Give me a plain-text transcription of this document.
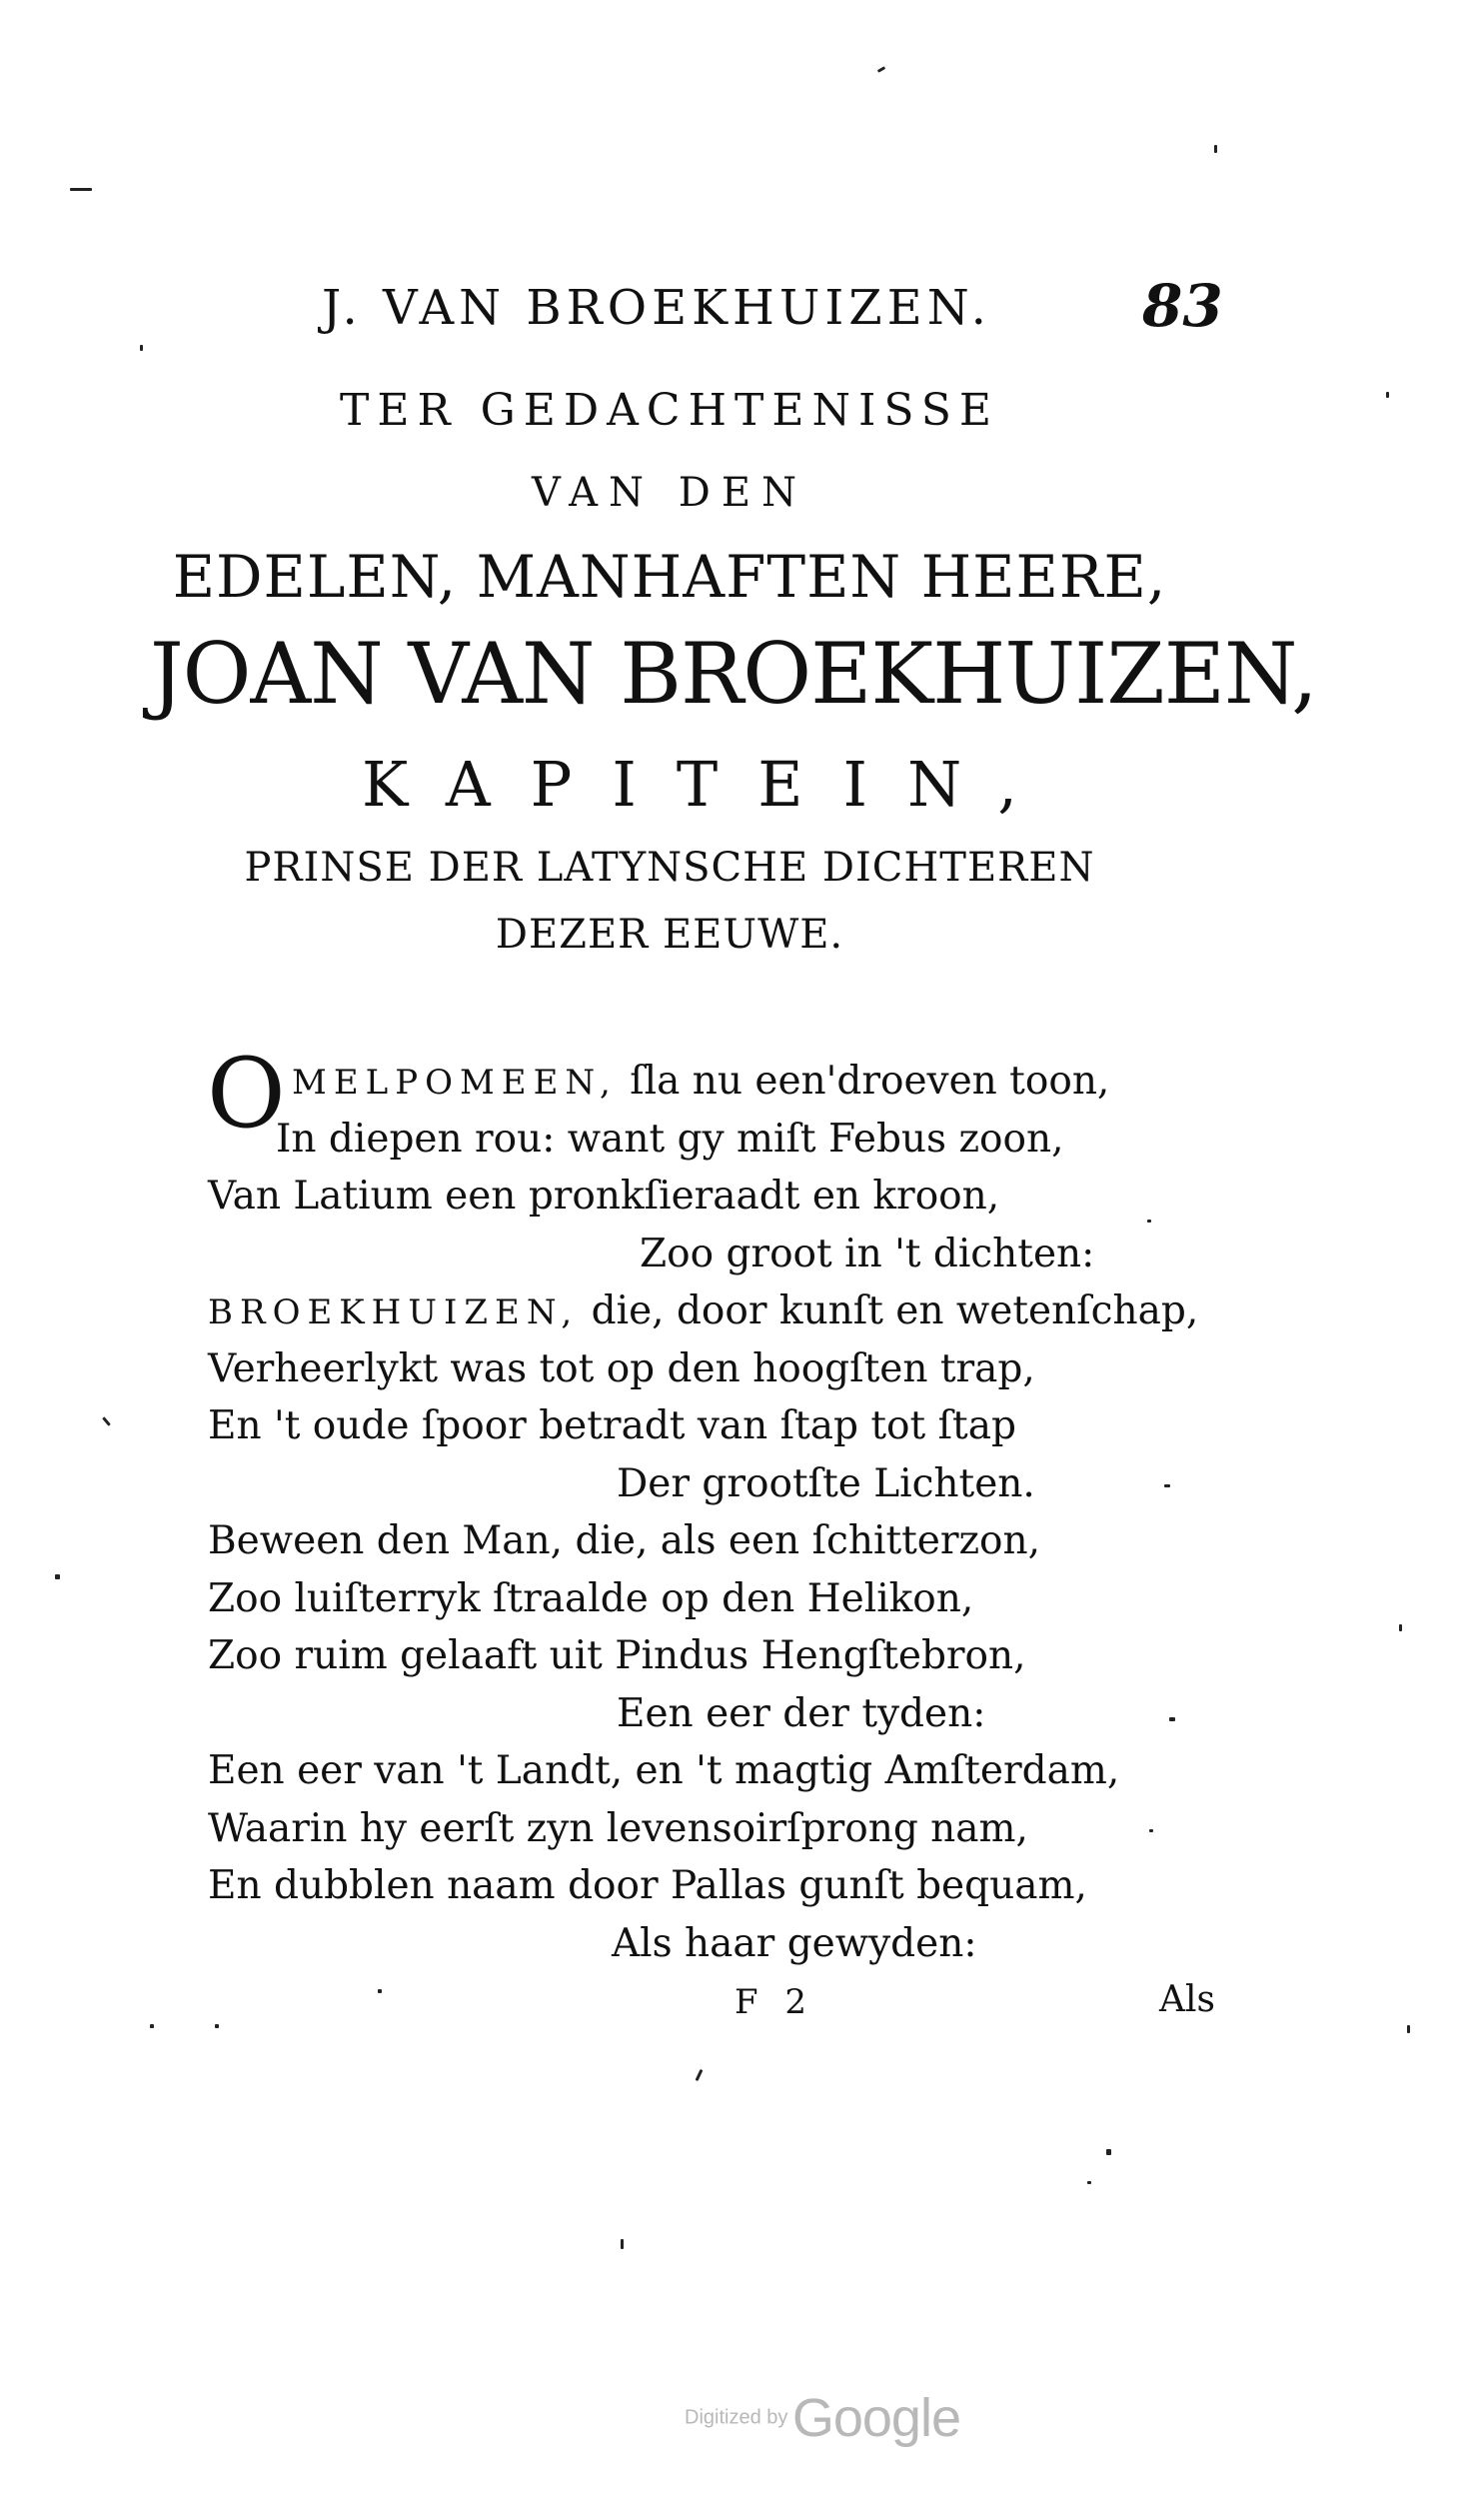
J. VAN BROEKHUIZEN.	83
TER GEDACHTENISSE
VAN DEN
EDELEN, MANHAFTEN HEERE,
JOAN VAN BROEKHUIZEN,
KAPITEIN,
PRINSE DER LATYNSCHE DICHTEREN
DEZER EEUWE.
O MELPOMEEN, ſla nu een'droeven toon,
In diepen rou: want gy miſt Febus zoon,
Van Latium een pronkſieraadt en kroon,
Zoo groot in 't dichten:
BROEKHUIZEN, die, door kunſt en wetenſchap,
Verheerlykt was tot op den hoogſten trap,
En 't oude ſpoor betradt van ſtap tot ſtap
Der grootſte Lichten.
Beween den Man, die, als een ſchitterzon,
Zoo luiſterryk ſtraalde op den Helikon,
Zoo ruim gelaaft uit Pindus Hengſtebron,
Een eer der tyden:
Een eer van 't Landt, en 't magtig Amſterdam,
Waarin hy eerſt zyn levensoirſprong nam,
En dubblen naam door Pallas gunſt bequam,
Als haar gewyden:
F 2	Als
Digitized by Google
